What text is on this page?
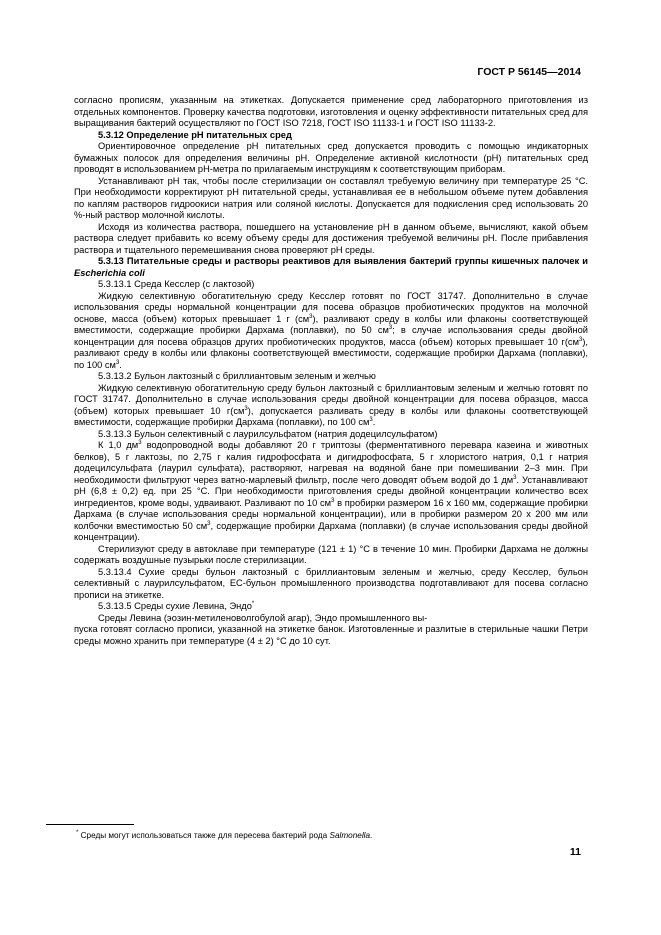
ГОСТ Р 56145—2014

согласно прописям, указанным на этикетках. Допускается применение сред лабораторного приготовления из отдельных компонентов. Проверку качества подготовки, изготовления и оценку эффективности питательных сред для выращивания бактерий осуществляют по ГОСТ ISO 7218, ГОСТ ISO 11133-1 и ГОСТ ISO 11133-2.

5.3.12 Определение рН питательных сред

Ориентировочное определение рН питательных сред допускается проводить с помощью индикаторных бумажных полосок для определения величины рН. Определение активной кислотности (рН) питательных сред проводят в использованием рН-метра по прилагаемым инструкциям к соответствующим приборам.

Устанавливают рН так, чтобы после стерилизации он составлял требуемую величину при температуре 25 °С. При необходимости корректируют рН питательной среды, устанавливая ее в небольшом объеме путем добавления по каплям растворов гидроокиси натрия или соляной кислоты. Допускается для подкисления сред использовать 20 %-ный раствор молочной кислоты.

Исходя из количества раствора, пошедшего на установление рН в данном объеме, вычисляют, какой объем раствора следует прибавить ко всему объему среды для достижения требуемой величины рН. После прибавления раствора и тщательного перемешивания снова проверяют рН среды.

5.3.13 Питательные среды и растворы реактивов для выявления бактерий группы кишечных палочек и Escherichia coli

5.3.13.1 Среда Кесслер (с лактозой)

Жидкую селективную обогатительную среду Кесслер готовят по ГОСТ 31747. Дополнительно в случае использования среды нормальной концентрации для посева образцов пробиотических продуктов на молочной основе, масса (объем) которых превышает 1 г $(см^3)$, разливают среду в колбы или флаконы соответствующей вместимости, содержащие пробирки Дархама (поплавки), по 50 $см^3$; в случае использования среды двойной концентрации для посева образцов других пробиотических продуктов, масса (объем) которых превышает 10 $г(см^3)$, разливают среду в колбы или флаконы соответствующей вместимости, содержащие пробирки Дархама (поплавки), по 100 $см^3$.

5.3.13.2 Бульон лактозный с бриллиантовым зеленым и желчью

Жидкую селективную обогатительную среду бульон лактозный с бриллиантовым зеленым и желчью готовят по ГОСТ 31747. Дополнительно в случае использования среды двойной концентрации для посева образцов, масса (объем) которых превышает 10 $г(см^3)$, допускается разливать среду в колбы или флаконы соответствующей вместимости, содержащие пробирки Дархама (поплавки), по 100 $см^3$.

5.3.13.3 Бульон селективный с лаурилсульфатом (натрия додецилсульфатом)

К 1,0 $дм^3$ водопроводной воды добавляют 20 г триптозы (ферментативного перевара казеина и животных белков), 5 г лактозы, по 2,75 г калия гидрофосфата и дигидрофосфата, 5 г хлористого натрия, 0,1 г натрия додецилсульфата (лаурил сульфата), растворяют, нагревая на водяной бане при помешивании 2–3 мин. При необходимости фильтруют через ватно-марлевый фильтр, после чего доводят объем водой до 1 $дм^3$. Устанавливают рН (6,8 ± 0,2) ед. при 25 °С. При необходимости приготовления среды двойной концентрации количество всех ингредиентов, кроме воды, удваивают. Разливают по 10 $см^3$ в пробирки размером 16 х 160 мм, содержащие пробирки Дархама (в случае использования среды нормальной концентрации), или в пробирки размером 20 х 200 мм или колбочки вместимостью 50 $см^3$, содержащие пробирки Дархама (поплавки) (в случае использования среды двойной концентрации).

Стерилизуют среду в автоклаве при температуре (121 ± 1) °С в течение 10 мин. Пробирки Дархама не должны содержать воздушные пузырьки после стерилизации.

5.3.13.4 Сухие среды бульон лактозный с бриллиантовым зеленым и желчью, среду Кесслер, бульон селективный с лаурилсульфатом, ЕС-бульон промышленного производства подготавливают для посева согласно прописи на этикетке.

5.3.13.5 Среды сухие Левина, Эндо*

Среды Левина (эозин-метиленоволгобулой агар), Эндо промышленного вы-

пуска готовят согласно прописи, указанной на этикетке банок. Изготовленные и разлитые в стерильные чашки Петри среды можно хранить при температуре (4 ± 2) °С до 10 сут.

* Среды могут использоваться также для пересева бактерий рода Salmonella.
11
